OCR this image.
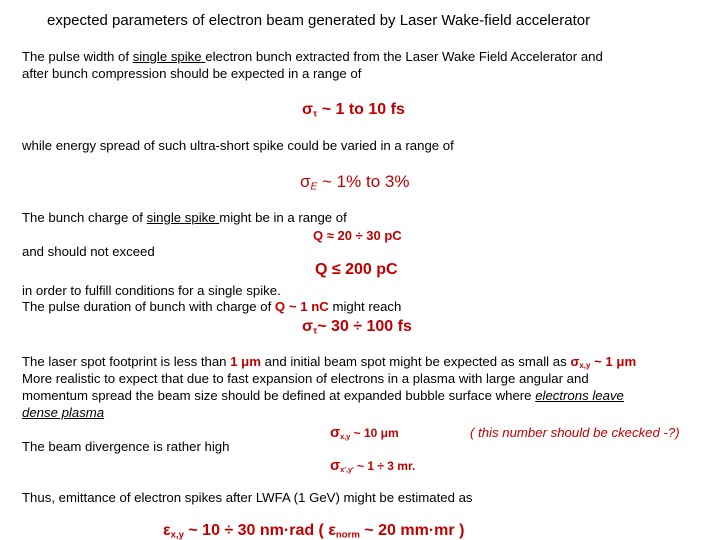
expected parameters of electron beam generated by Laser Wake-field accelerator
The pulse width of single spike electron bunch extracted from the Laser Wake Field Accelerator and
after bunch compression should be expected in a range of
$\sigma_\tau$ ~ 1 to 10 fs
while energy spread of such ultra-short spike could be varied in a range of
$\sigma_E$ ~ 1% to 3%
The bunch charge of single spike might be in a range of
Q ≈ 20 ÷ 30 pC
and should not exceed
Q ≤ 200 pC
in order to fulfill conditions for a single spike.
The pulse duration of bunch with charge of Q ~ 1 nC might reach
$\sigma_\tau\sim$ 30 ÷ 100 fs
The laser spot footprint is less than 1 μm and initial beam spot might be expected as small as $\sigma_{x,y}$ ~ 1 μm
More realistic to expect that due to fast expansion of electrons in a plasma with large angular and
momentum spread the beam size should be defined at expanded bubble surface where electrons leave
dense plasma
$\sigma_{x,y}$ ~ 10 μm	( this number should be ckecked -?)
The beam divergence is rather high
$\sigma_{x',y'}$ ~ 1 ÷ 3 mr.
Thus, emittance of electron spikes after LWFA (1 GeV) might be estimated as
$\varepsilon_{x,y}$ ~ 10 ÷ 30 nm·rad ( $\varepsilon_{norm}$ ~ 20 mm·mr )
